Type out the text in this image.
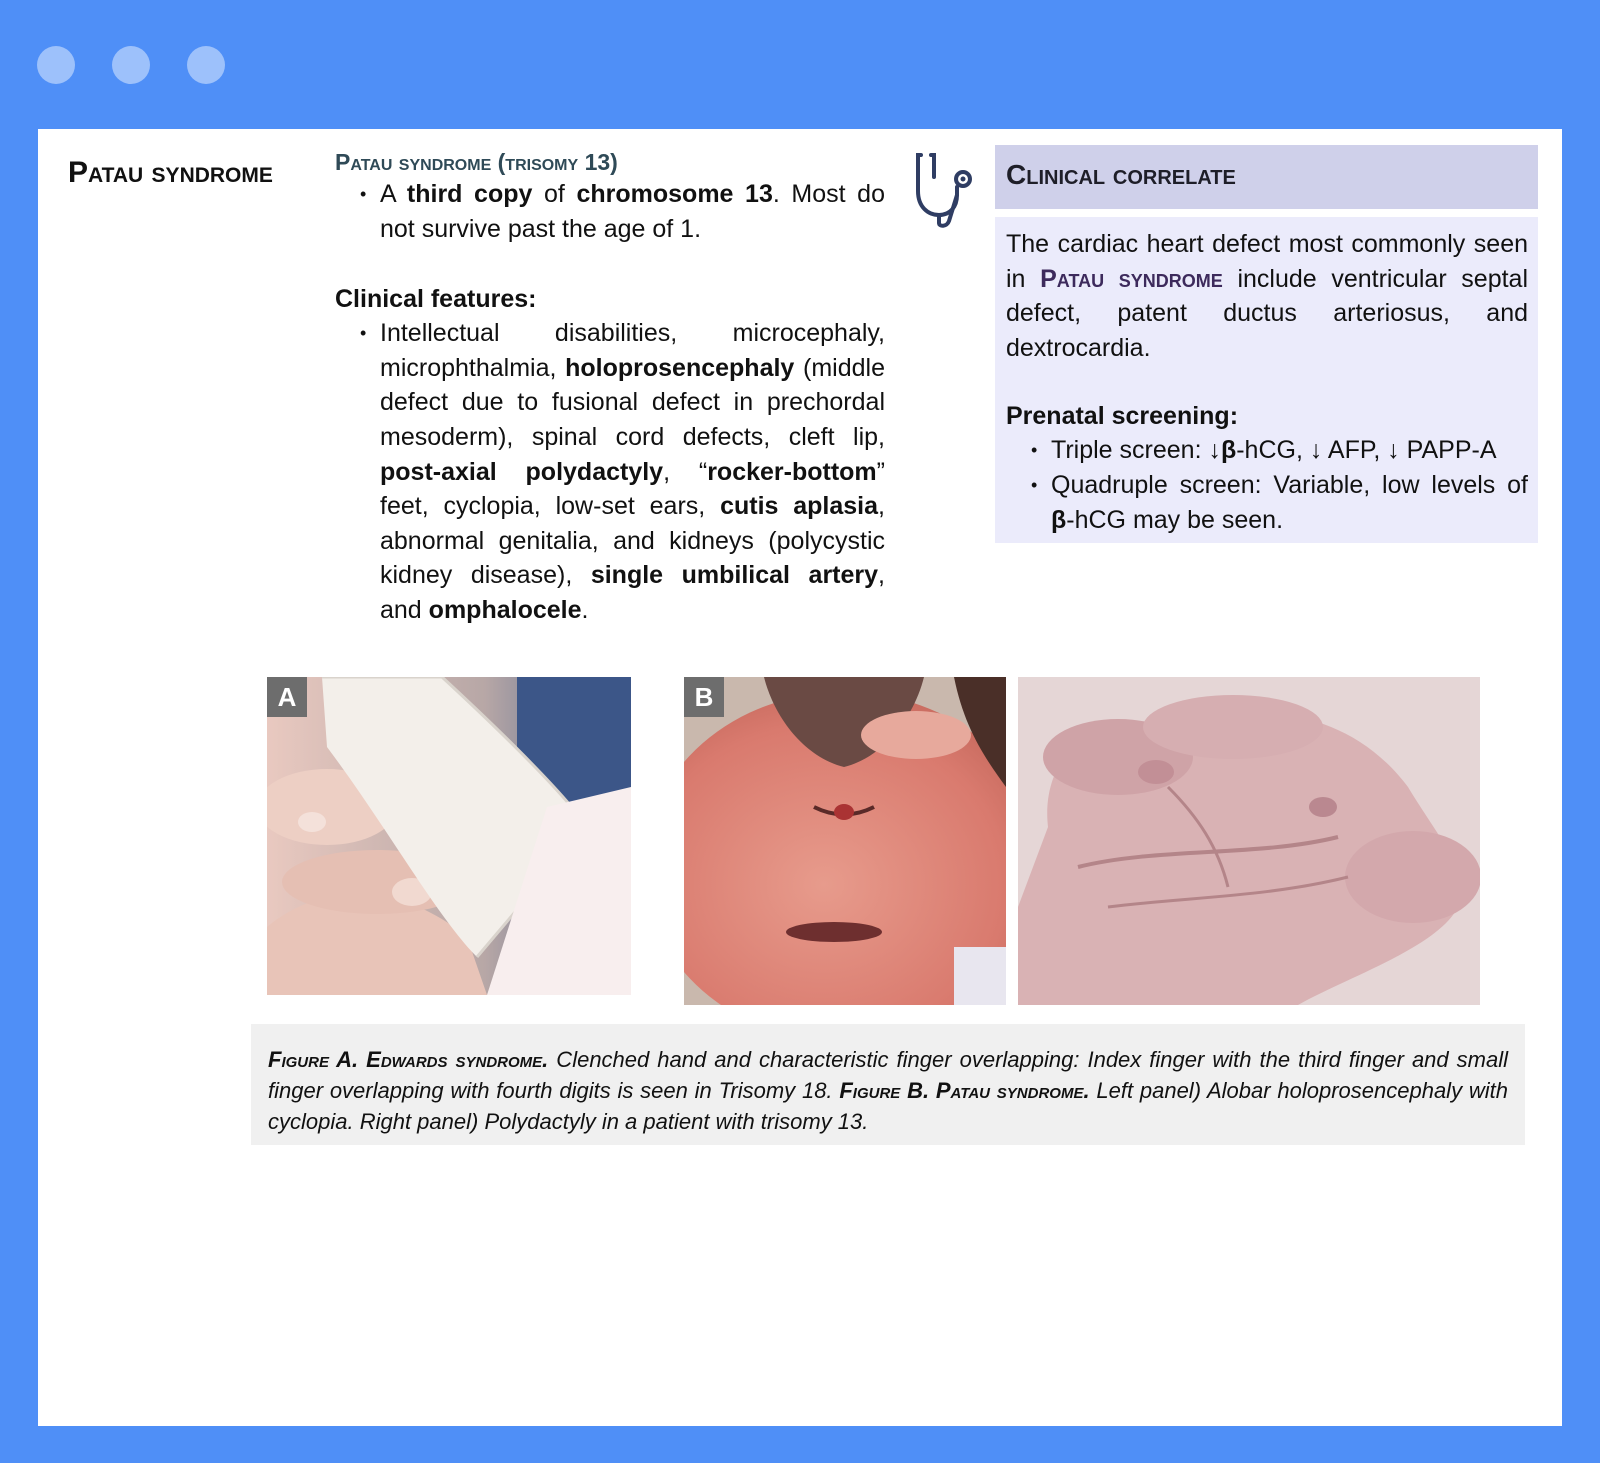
Patau syndrome	Patau syndrome (trisomy 13)
• A third copy of chromosome 13. Most do not survive past the age of 1.
Clinical features:
• Intellectual disabilities, microcephaly, microphthalmia, holoprosencephaly (middle defect due to fusional defect in prechordal mesoderm), spinal cord defects, cleft lip, post-axial polydactyly, “rocker-bottom” feet, cyclopia, low-set ears, cutis aplasia, abnormal genitalia, and kidneys (polycystic kidney disease), single umbilical artery, and omphalocele.
Clinical correlate

The cardiac heart defect most commonly seen in Patau syndrome include ventricular septal defect, patent ductus arteriosus, and dextrocardia.

Prenatal screening:
• Triple screen: ↓β-hCG, ↓ AFP, ↓ PAPP-A
• Quadruple screen: Variable, low levels of β-hCG may be seen.
A	B
Figure A. Edwards syndrome. Clenched hand and characteristic finger overlapping: Index finger with the third finger and small finger overlapping with fourth digits is seen in Trisomy 18. Figure B. Patau syndrome. Left panel) Alobar holoprosencephaly with cyclopia. Right panel) Polydactyly in a patient with trisomy 13.
